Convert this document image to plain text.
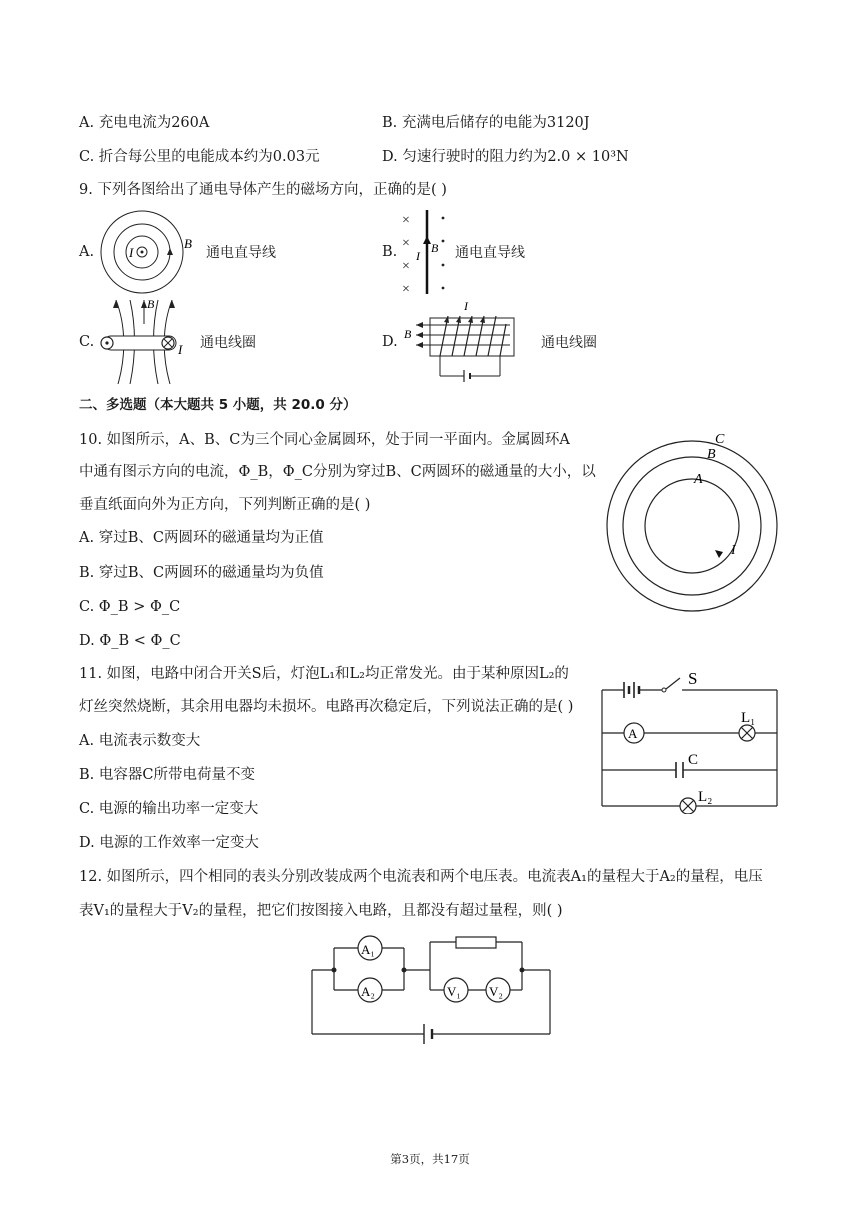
A. 充电电流为260A	B. 充满电后储存的电能为3120J
C. 折合每公里的电能成本约为0.03元	D. 匀速行驶时的阻力约为2.0 × 10³N
9. 下列各图给出了通电导体产生的磁场方向，正确的是( )
A.	I
B
通电直导线	B.
×
×
×
×
I
B 通电直导线
C.
B
I 通电线圈	D.
I
B
通电线圈
二、多选题（本大题共 5 小题，共 20.0 分）
10. 如图所示，A、B、C为三个同心金属圆环，处于同一平面内。金属圆环A
中通有图示方向的电流，Φ_B，Φ_C分别为穿过B、C两圆环的磁通量的大小，以
垂直纸面向外为正方向，下列判断正确的是( )
A. 穿过B、C两圆环的磁通量均为正值
B. 穿过B、C两圆环的磁通量均为负值
C. Φ_B > Φ_C
D. Φ_B < Φ_C
C
B
A
I
11. 如图，电路中闭合开关S后，灯泡L₁和L₂均正常发光。由于某种原因L₂的
灯丝突然烧断，其余用电器均未损坏。电路再次稳定后，下列说法正确的是( )
A. 电流表示数变大
B. 电容器C所带电荷量不变
C. 电源的输出功率一定变大
D. 电源的工作效率一定变大
S
A
L₁
C
L₂
12. 如图所示，四个相同的表头分别改装成两个电流表和两个电压表。电流表A₁的量程大于A₂的量程，电压
表V₁的量程大于V₂的量程，把它们按图接入电路，且都没有超过量程，则( )
A₁
A₂	V₁ V₂
第3页，共17页
